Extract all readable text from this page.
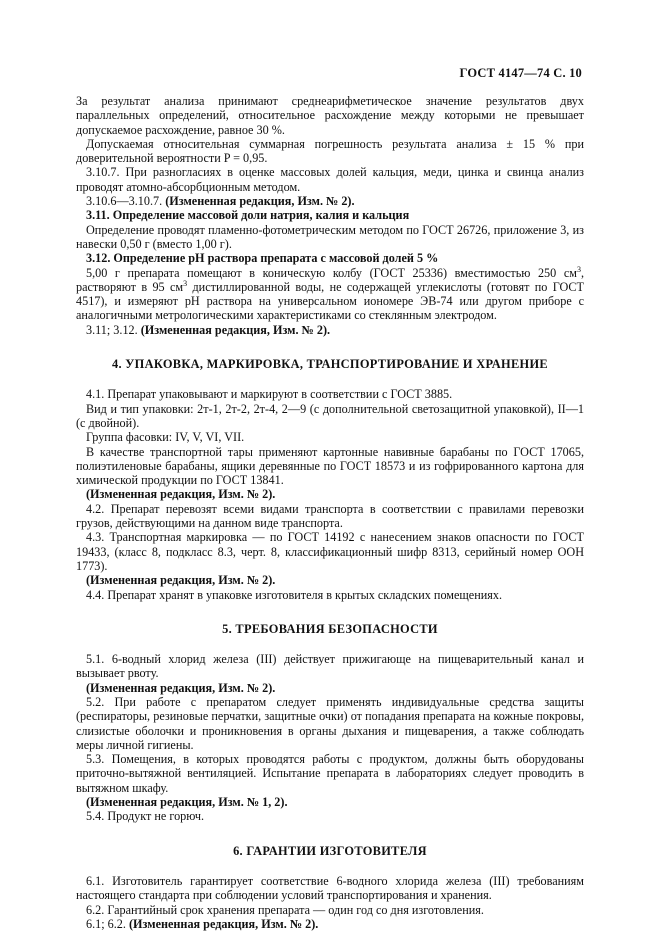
ГОСТ 4147—74 С. 10

За результат анализа принимают среднеарифметическое значение результатов двух параллельных определений, относительное расхождение между которыми не превышает допускаемое расхождение, равное 30 %.

Допускаемая относительная суммарная погрешность результата анализа ± 15 % при доверительной вероятности P = 0,95.

3.10.7. При разногласиях в оценке массовых долей кальция, меди, цинка и свинца анализ проводят атомно-абсорбционным методом.

3.10.6—3.10.7. (Измененная редакция, Изм. № 2).

3.11. Определение массовой доли натрия, калия и кальция

Определение проводят пламенно-фотометрическим методом по ГОСТ 26726, приложение 3, из навески 0,50 г (вместо 1,00 г).

3.12. Определение pH раствора препарата с массовой долей 5 %

5,00 г препарата помещают в коническую колбу (ГОСТ 25336) вместимостью 250 $см^3$, растворяют в 95 $см^3$ дистиллированной воды, не содержащей углекислоты (готовят по ГОСТ 4517), и измеряют pH раствора на универсальном иономере ЭВ-74 или другом приборе с аналогичными метрологическими характеристиками со стеклянным электродом.

3.11; 3.12. (Измененная редакция, Изм. № 2).

4. УПАКОВКА, МАРКИРОВКА, ТРАНСПОРТИРОВАНИЕ И ХРАНЕНИЕ

4.1. Препарат упаковывают и маркируют в соответствии с ГОСТ 3885.

Вид и тип упаковки: 2т-1, 2т-2, 2т-4, 2—9 (с дополнительной светозащитной упаковкой), II—1 (с двойной).

Группа фасовки: IV, V, VI, VII.

В качестве транспортной тары применяют картонные навивные барабаны по ГОСТ 17065, полиэтиленовые барабаны, ящики деревянные по ГОСТ 18573 и из гофрированного картона для химической продукции по ГОСТ 13841.

(Измененная редакция, Изм. № 2).

4.2. Препарат перевозят всеми видами транспорта в соответствии с правилами перевозки грузов, действующими на данном виде транспорта.

4.3. Транспортная маркировка — по ГОСТ 14192 с нанесением знаков опасности по ГОСТ 19433, (класс 8, подкласс 8.3, черт. 8, классификационный шифр 8313, серийный номер ООН 1773).

(Измененная редакция, Изм. № 2).

4.4. Препарат хранят в упаковке изготовителя в крытых складских помещениях.

5. ТРЕБОВАНИЯ БЕЗОПАСНОСТИ

5.1. 6-водный хлорид железа (III) действует прижигающе на пищеварительный канал и вызывает рвоту.

(Измененная редакция, Изм. № 2).

5.2. При работе с препаратом следует применять индивидуальные средства защиты (респираторы, резиновые перчатки, защитные очки) от попадания препарата на кожные покровы, слизистые оболочки и проникновения в органы дыхания и пищеварения, а также соблюдать меры личной гигиены.

5.3. Помещения, в которых проводятся работы с продуктом, должны быть оборудованы приточно-вытяжной вентиляцией. Испытание препарата в лабораториях следует проводить в вытяжном шкафу.

(Измененная редакция, Изм. № 1, 2).

5.4. Продукт не горюч.

6. ГАРАНТИИ ИЗГОТОВИТЕЛЯ

6.1. Изготовитель гарантирует соответствие 6-водного хлорида железа (III) требованиям настоящего стандарта при соблюдении условий транспортирования и хранения.

6.2. Гарантийный срок хранения препарата — один год со дня изготовления.

6.1; 6.2. (Измененная редакция, Изм. № 2).
